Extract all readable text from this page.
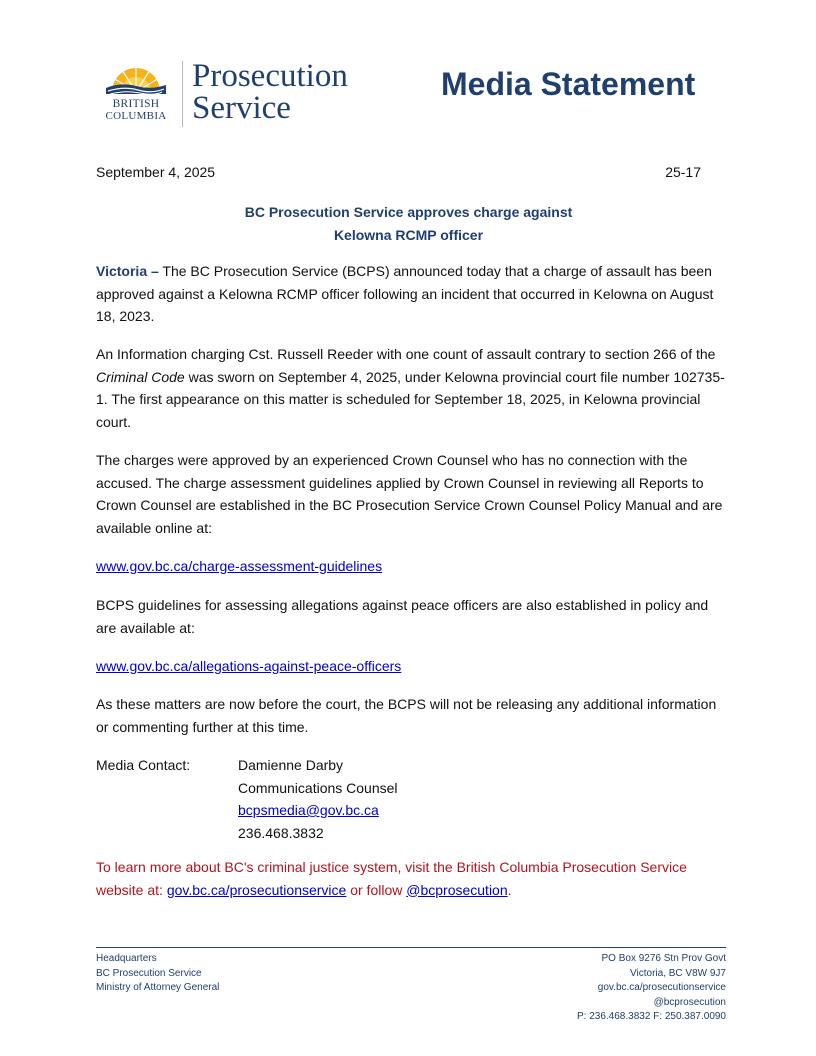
BRITISH
COLUMBIA
Prosecution
Service
Media Statement
September 4, 2025	25-17
BC Prosecution Service approves charge against
Kelowna RCMP officer
Victoria – The BC Prosecution Service (BCPS) announced today that a charge of assault has been approved against a Kelowna RCMP officer following an incident that occurred in Kelowna on August 18, 2023.
An Information charging Cst. Russell Reeder with one count of assault contrary to section 266 of the Criminal Code was sworn on September 4, 2025, under Kelowna provincial court file number 102735-1. The first appearance on this matter is scheduled for September 18, 2025, in Kelowna provincial court.
The charges were approved by an experienced Crown Counsel who has no connection with the accused. The charge assessment guidelines applied by Crown Counsel in reviewing all Reports to Crown Counsel are established in the BC Prosecution Service Crown Counsel Policy Manual and are available online at:
www.gov.bc.ca/charge-assessment-guidelines
BCPS guidelines for assessing allegations against peace officers are also established in policy and are available at:
www.gov.bc.ca/allegations-against-peace-officers
As these matters are now before the court, the BCPS will not be releasing any additional information or commenting further at this time.
Media Contact:	Damienne Darby
Communications Counsel
bcpsmedia@gov.bc.ca
236.468.3832
To learn more about BC's criminal justice system, visit the British Columbia Prosecution Service website at: gov.bc.ca/prosecutionservice or follow @bcprosecution.
Headquarters
BC Prosecution Service
Ministry of Attorney General
PO Box 9276 Stn Prov Govt
Victoria, BC V8W 9J7
gov.bc.ca/prosecutionservice
@bcprosecution
P: 236.468.3832 F: 250.387.0090
